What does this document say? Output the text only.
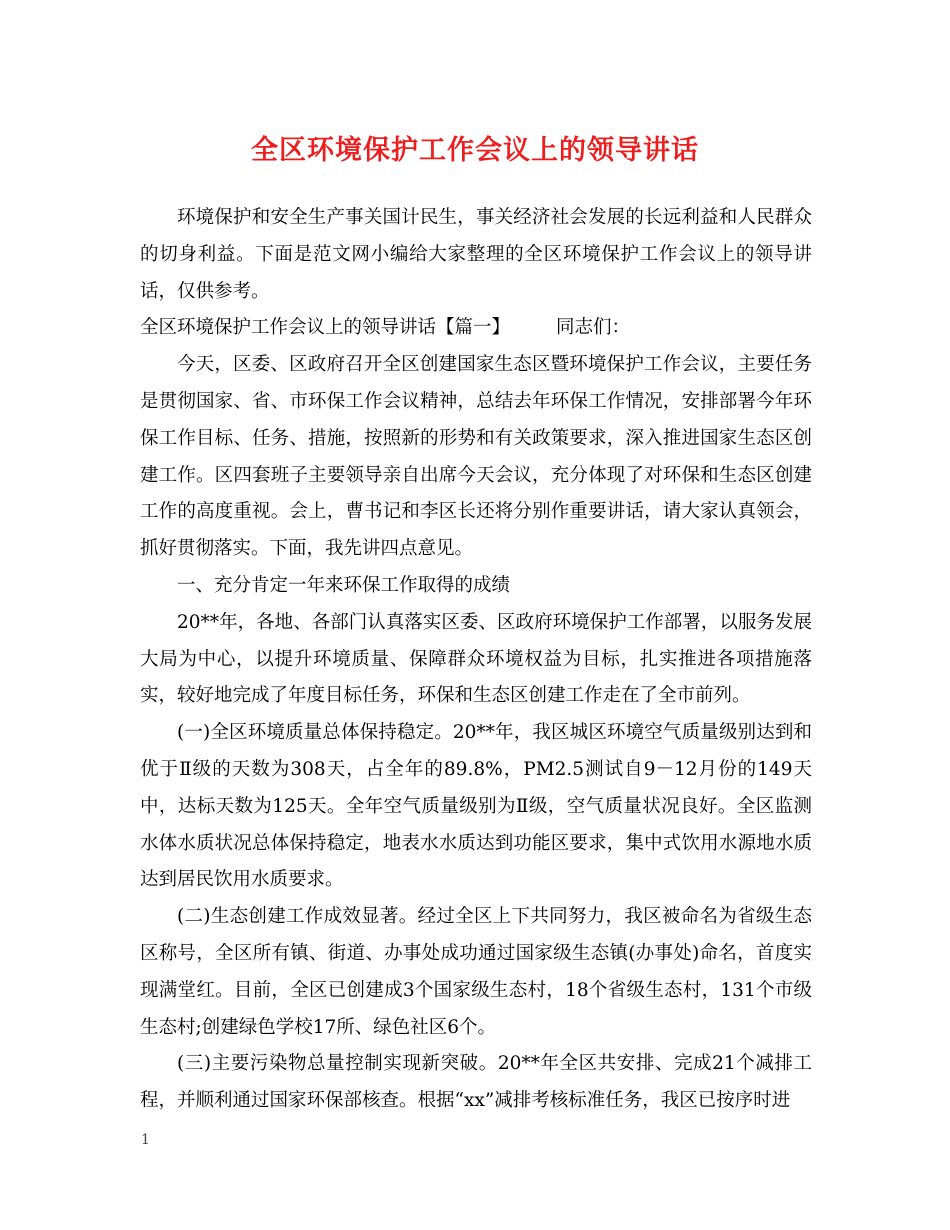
全区环境保护工作会议上的领导讲话

环境保护和安全生产事关国计民生，事关经济社会发展的长远利益和人民群众的切身利益。下面是范文网小编给大家整理的全区环境保护工作会议上的领导讲话，仅供参考。

全区环境保护工作会议上的领导讲话【篇一】 同志们：

今天，区委、区政府召开全区创建国家生态区暨环境保护工作会议，主要任务是贯彻国家、省、市环保工作会议精神，总结去年环保工作情况，安排部署今年环保工作目标、任务、措施，按照新的形势和有关政策要求，深入推进国家生态区创建工作。区四套班子主要领导亲自出席今天会议，充分体现了对环保和生态区创建工作的高度重视。会上，曹书记和李区长还将分别作重要讲话，请大家认真领会，抓好贯彻落实。下面，我先讲四点意见。

一、充分肯定一年来环保工作取得的成绩

20**年，各地、各部门认真落实区委、区政府环境保护工作部署，以服务发展大局为中心，以提升环境质量、保障群众环境权益为目标，扎实推进各项措施落实，较好地完成了年度目标任务，环保和生态区创建工作走在了全市前列。

(一)全区环境质量总体保持稳定。20**年，我区城区环境空气质量级别达到和优于Ⅱ级的天数为308天，占全年的89.8%，PM2.5测试自9－12月份的149天中，达标天数为125天。全年空气质量级别为Ⅱ级，空气质量状况良好。全区监测水体水质状况总体保持稳定，地表水水质达到功能区要求，集中式饮用水源地水质达到居民饮用水质要求。

(二)生态创建工作成效显著。经过全区上下共同努力，我区被命名为省级生态区称号，全区所有镇、街道、办事处成功通过国家级生态镇(办事处)命名，首度实现满堂红。目前，全区已创建成3个国家级生态村，18个省级生态村，131个市级生态村;创建绿色学校17所、绿色社区6个。

(三)主要污染物总量控制实现新突破。20**年全区共安排、完成21个减排工程，并顺利通过国家环保部核查。根据“xx”减排考核标准任务，我区已按序时进

1
